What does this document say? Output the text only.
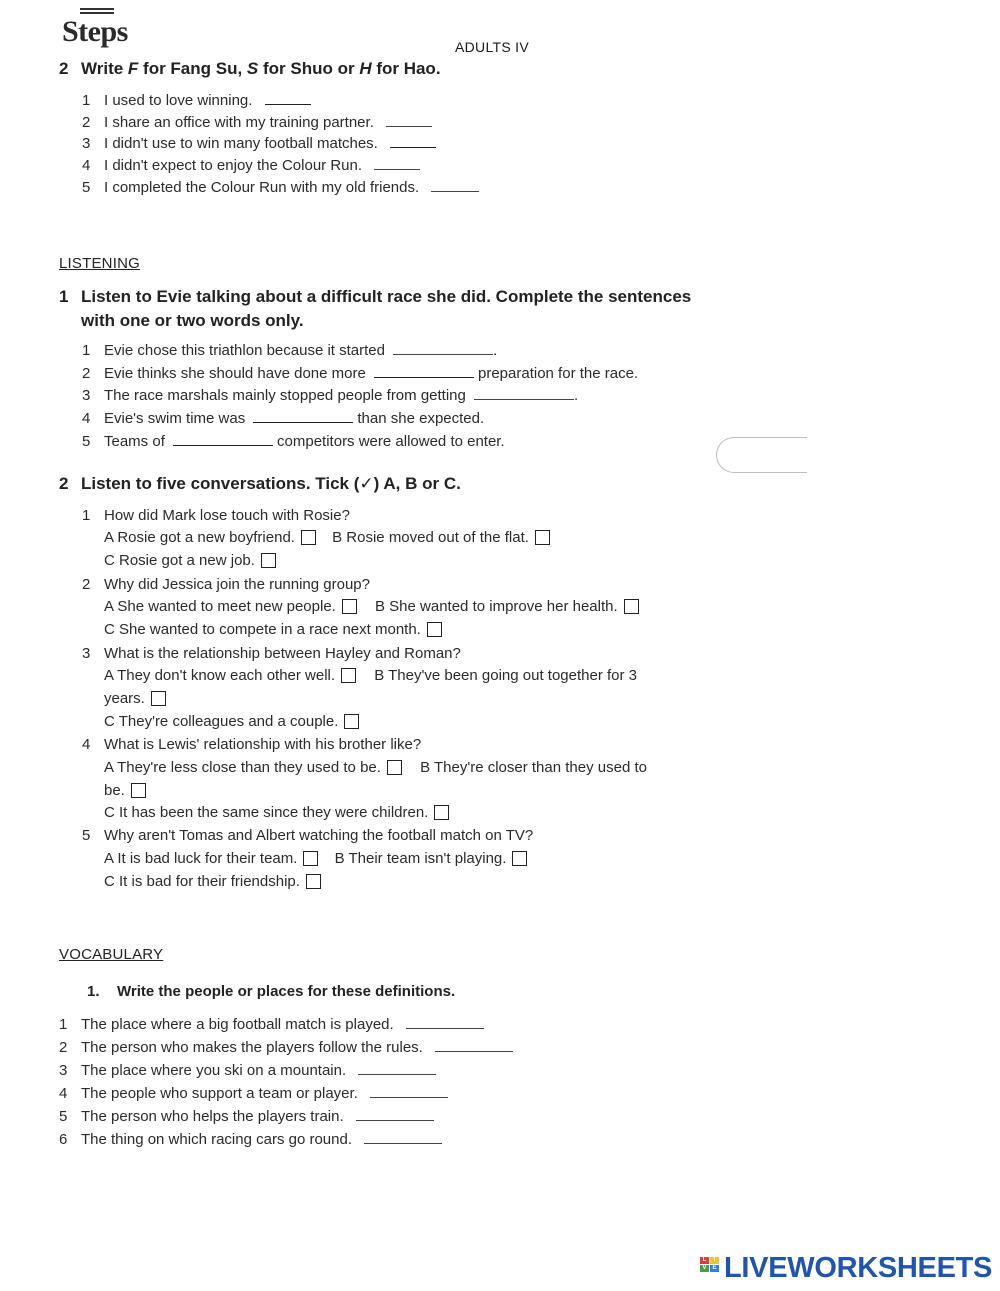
Steps	ADULTS IV
2 Write F for Fang Su, S for Shuo or H for Hao.
1 I used to love winning.
2 I share an office with my training partner.
3 I didn't use to win many football matches.
4 I didn't expect to enjoy the Colour Run.
5 I completed the Colour Run with my old friends.
LISTENING
1 Listen to Evie talking about a difficult race she did. Complete the sentences
with one or two words only.
1 Evie chose this triathlon because it started	.
2 Evie thinks she should have done more	preparation for the race.
3 The race marshals mainly stopped people from getting	.
4 Evie's swim time was	than she expected.
5 Teams of	competitors were allowed to enter.
2 Listen to five conversations. Tick (✓) A, B or C.
1 How did Mark lose touch with Rosie?
A Rosie got a new boyfriend. B Rosie moved out of the flat.
C Rosie got a new job.
2 Why did Jessica join the running group?
A She wanted to meet new people.	B She wanted to improve her health.
C She wanted to compete in a race next month.
3 What is the relationship between Hayley and Roman?
A They don't know each other well.	B They've been going out together for 3
years.
C They're colleagues and a couple.
4 What is Lewis' relationship with his brother like?
A They're less close than they used to be.	B They're closer than they used to
be.
C It has been the same since they were children.
5 Why aren't Tomas and Albert watching the football match on TV?
A It is bad luck for their team. B Their team isn't playing.
C It is bad for their friendship.
VOCABULARY
1. Write the people or places for these definitions.
1 The place where a big football match is played.
2 The person who makes the players follow the rules.
3 The place where you ski on a mountain.
4 The people who support a team or player.
5 The person who helps the players train.
6 The thing on which racing cars go round.
L	I
V E LIVEWORKSHEETS
